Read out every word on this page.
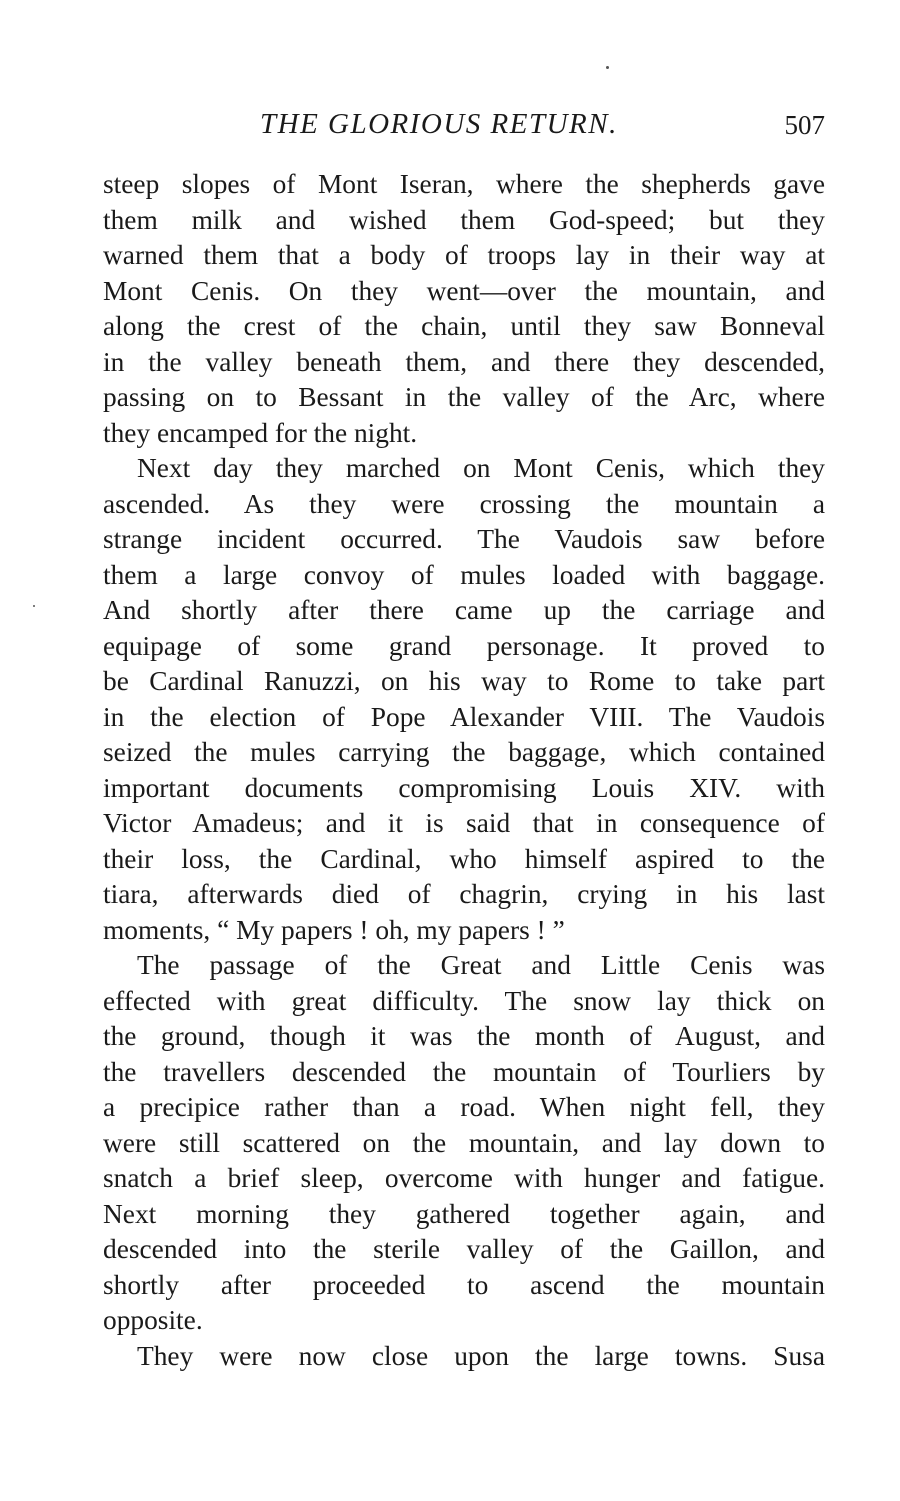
THE GLORIOUS RETURN.	507
steep slopes of Mont Iseran, where the shepherds gave
them milk and wished them God-speed; but they
warned them that a body of troops lay in their way at
Mont Cenis. On they went—over the mountain, and
along the crest of the chain, until they saw Bonneval
in the valley beneath them, and there they descended,
passing on to Bessant in the valley of the Arc, where
they encamped for the night.
Next day they marched on Mont Cenis, which they
ascended. As they were crossing the mountain a
strange incident occurred. The Vaudois saw before
them a large convoy of mules loaded with baggage.
And shortly after there came up the carriage and
equipage of some grand personage. It proved to
be Cardinal Ranuzzi, on his way to Rome to take part
in the election of Pope Alexander VIII. The Vaudois
seized the mules carrying the baggage, which contained
important documents compromising Louis XIV. with
Victor Amadeus; and it is said that in consequence of
their loss, the Cardinal, who himself aspired to the
tiara, afterwards died of chagrin, crying in his last
moments, “ My papers ! oh, my papers ! ”
The passage of the Great and Little Cenis was
effected with great difficulty. The snow lay thick on
the ground, though it was the month of August, and
the travellers descended the mountain of Tourliers by
a precipice rather than a road. When night fell, they
were still scattered on the mountain, and lay down to
snatch a brief sleep, overcome with hunger and fatigue.
Next morning they gathered together again, and
descended into the sterile valley of the Gaillon, and
shortly after proceeded to ascend the mountain
opposite.
They were now close upon the large towns. Susa
